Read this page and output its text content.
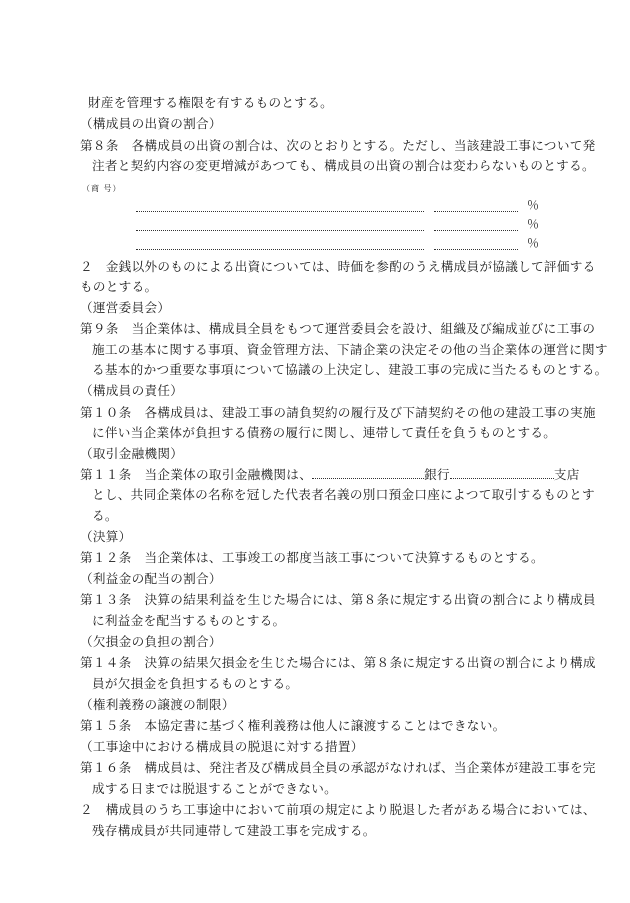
財産を管理する権限を有するものとする。
（構成員の出資の割合）
第８条　各構成員の出資の割合は、次のとおりとする。ただし、当該建設工事について発
注者と契約内容の変更増減があつても、構成員の出資の割合は変わらないものとする。
（商 号）
％
％
％
２　金銭以外のものによる出資については、時価を参酌のうえ構成員が協議して評価する
ものとする。
（運営委員会）
第９条　当企業体は、構成員全員をもつて運営委員会を設け、組織及び編成並びに工事の
施工の基本に関する事項、資金管理方法、下請企業の決定その他の当企業体の運営に関す
る基本的かつ重要な事項について協議の上決定し、建設工事の完成に当たるものとする。
（構成員の責任）
第１０条　各構成員は、建設工事の請負契約の履行及び下請契約その他の建設工事の実施
に伴い当企業体が負担する債務の履行に関し、連帯して責任を負うものとする。
（取引金融機関）
第１１条　当企業体の取引金融機関は、	銀行	支店
とし、共同企業体の名称を冠した代表者名義の別口預金口座によつて取引するものとす
る。
（決算）
第１２条　当企業体は、工事竣工の都度当該工事について決算するものとする。
（利益金の配当の割合）
第１３条　決算の結果利益を生じた場合には、第８条に規定する出資の割合により構成員
に利益金を配当するものとする。
（欠損金の負担の割合）
第１４条　決算の結果欠損金を生じた場合には、第８条に規定する出資の割合により構成
員が欠損金を負担するものとする。
（権利義務の譲渡の制限）
第１５条　本協定書に基づく権利義務は他人に譲渡することはできない。
（工事途中における構成員の脱退に対する措置）
第１６条　構成員は、発注者及び構成員全員の承認がなければ、当企業体が建設工事を完
成する日までは脱退することができない。
２　構成員のうち工事途中において前項の規定により脱退した者がある場合においては、
残存構成員が共同連帯して建設工事を完成する。
